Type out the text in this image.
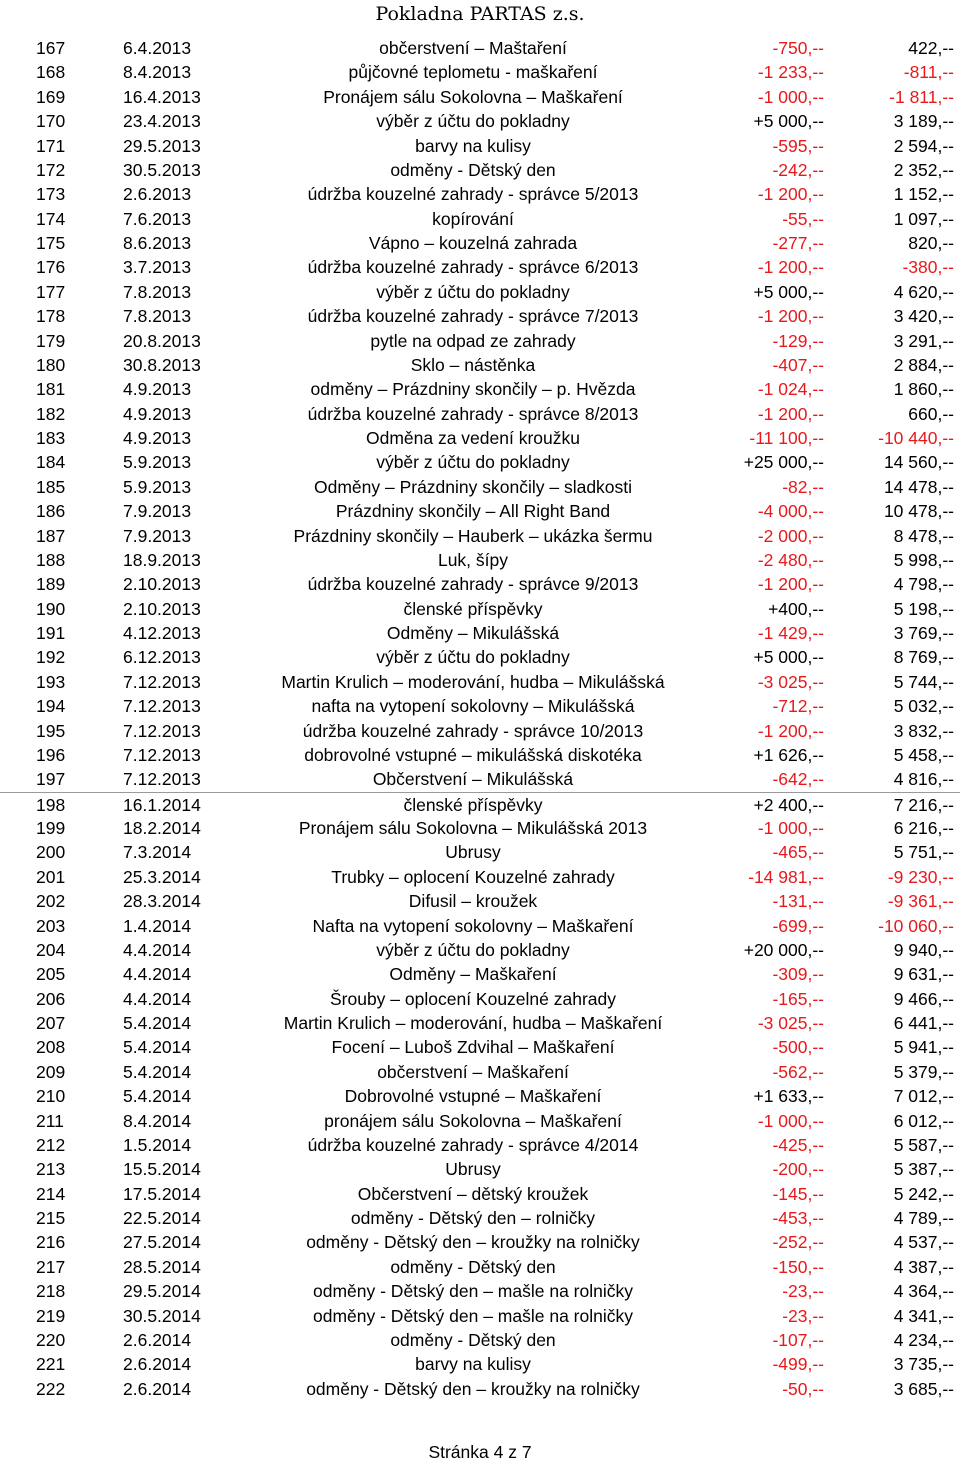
Pokladna PARTAS z.s.
167	6.4.2013	občerstvení – Maštaření	-750,--	422,--
168	8.4.2013	půjčovné teplometu - maškaření	-1 233,--	-811,--
169	16.4.2013	Pronájem sálu Sokolovna – Maškaření	-1 000,--	-1 811,--
170	23.4.2013	výběr z účtu do pokladny	+5 000,--	3 189,--
171	29.5.2013	barvy na kulisy	-595,--	2 594,--
172	30.5.2013	odměny - Dětský den	-242,--	2 352,--
173	2.6.2013	údržba kouzelné zahrady - správce 5/2013	-1 200,--	1 152,--
174	7.6.2013	kopírování	-55,--	1 097,--
175	8.6.2013	Vápno – kouzelná zahrada	-277,--	820,--
176	3.7.2013	údržba kouzelné zahrady - správce 6/2013	-1 200,--	-380,--
177	7.8.2013	výběr z účtu do pokladny	+5 000,--	4 620,--
178	7.8.2013	údržba kouzelné zahrady - správce 7/2013	-1 200,--	3 420,--
179	20.8.2013	pytle na odpad ze zahrady	-129,--	3 291,--
180	30.8.2013	Sklo – nástěnka	-407,--	2 884,--
181	4.9.2013	odměny – Prázdniny skončily – p. Hvězda	-1 024,--	1 860,--
182	4.9.2013	údržba kouzelné zahrady - správce 8/2013	-1 200,--	660,--
183	4.9.2013	Odměna za vedení kroužku	-11 100,--	-10 440,--
184	5.9.2013	výběr z účtu do pokladny	+25 000,--	14 560,--
185	5.9.2013	Odměny – Prázdniny skončily – sladkosti	-82,--	14 478,--
186	7.9.2013	Prázdniny skončily – All Right Band	-4 000,--	10 478,--
187	7.9.2013	Prázdniny skončily – Hauberk – ukázka šermu	-2 000,--	8 478,--
188	18.9.2013	Luk, šípy	-2 480,--	5 998,--
189	2.10.2013	údržba kouzelné zahrady - správce 9/2013	-1 200,--	4 798,--
190	2.10.2013	členské příspěvky	+400,--	5 198,--
191	4.12.2013	Odměny – Mikulášská	-1 429,--	3 769,--
192	6.12.2013	výběr z účtu do pokladny	+5 000,--	8 769,--
193	7.12.2013	Martin Krulich – moderování, hudba – Mikulášská	-3 025,--	5 744,--
194	7.12.2013	nafta na vytopení sokolovny – Mikulášská	-712,--	5 032,--
195	7.12.2013	údržba kouzelné zahrady - správce 10/2013	-1 200,--	3 832,--
196	7.12.2013	dobrovolné vstupné – mikulášská diskotéka	+1 626,--	5 458,--
197	7.12.2013	Občerstvení – Mikulášská	-642,--	4 816,--
198	16.1.2014	členské příspěvky	+2 400,--	7 216,--
199	18.2.2014	Pronájem sálu Sokolovna – Mikulášská 2013	-1 000,--	6 216,--
200	7.3.2014	Ubrusy	-465,--	5 751,--
201	25.3.2014	Trubky – oplocení Kouzelné zahrady	-14 981,--	-9 230,--
202	28.3.2014	Difusil – kroužek	-131,--	-9 361,--
203	1.4.2014	Nafta na vytopení sokolovny – Maškaření	-699,--	-10 060,--
204	4.4.2014	výběr z účtu do pokladny	+20 000,--	9 940,--
205	4.4.2014	Odměny – Maškaření	-309,--	9 631,--
206	4.4.2014	Šrouby – oplocení Kouzelné zahrady	-165,--	9 466,--
207	5.4.2014	Martin Krulich – moderování, hudba – Maškaření	-3 025,--	6 441,--
208	5.4.2014	Focení – Luboš Zdvihal – Maškaření	-500,--	5 941,--
209	5.4.2014	občerstvení – Maškaření	-562,--	5 379,--
210	5.4.2014	Dobrovolné vstupné – Maškaření	+1 633,--	7 012,--
211	8.4.2014	pronájem sálu Sokolovna – Maškaření	-1 000,--	6 012,--
212	1.5.2014	údržba kouzelné zahrady - správce 4/2014	-425,--	5 587,--
213	15.5.2014	Ubrusy	-200,--	5 387,--
214	17.5.2014	Občerstvení – dětský kroužek	-145,--	5 242,--
215	22.5.2014	odměny - Dětský den – rolničky	-453,--	4 789,--
216	27.5.2014	odměny - Dětský den – kroužky na rolničky	-252,--	4 537,--
217	28.5.2014	odměny - Dětský den	-150,--	4 387,--
218	29.5.2014	odměny - Dětský den – mašle na rolničky	-23,--	4 364,--
219	30.5.2014	odměny - Dětský den – mašle na rolničky	-23,--	4 341,--
220	2.6.2014	odměny - Dětský den	-107,--	4 234,--
221	2.6.2014	barvy na kulisy	-499,--	3 735,--
222	2.6.2014	odměny - Dětský den – kroužky na rolničky	-50,--	3 685,--
Stránka 4 z 7
